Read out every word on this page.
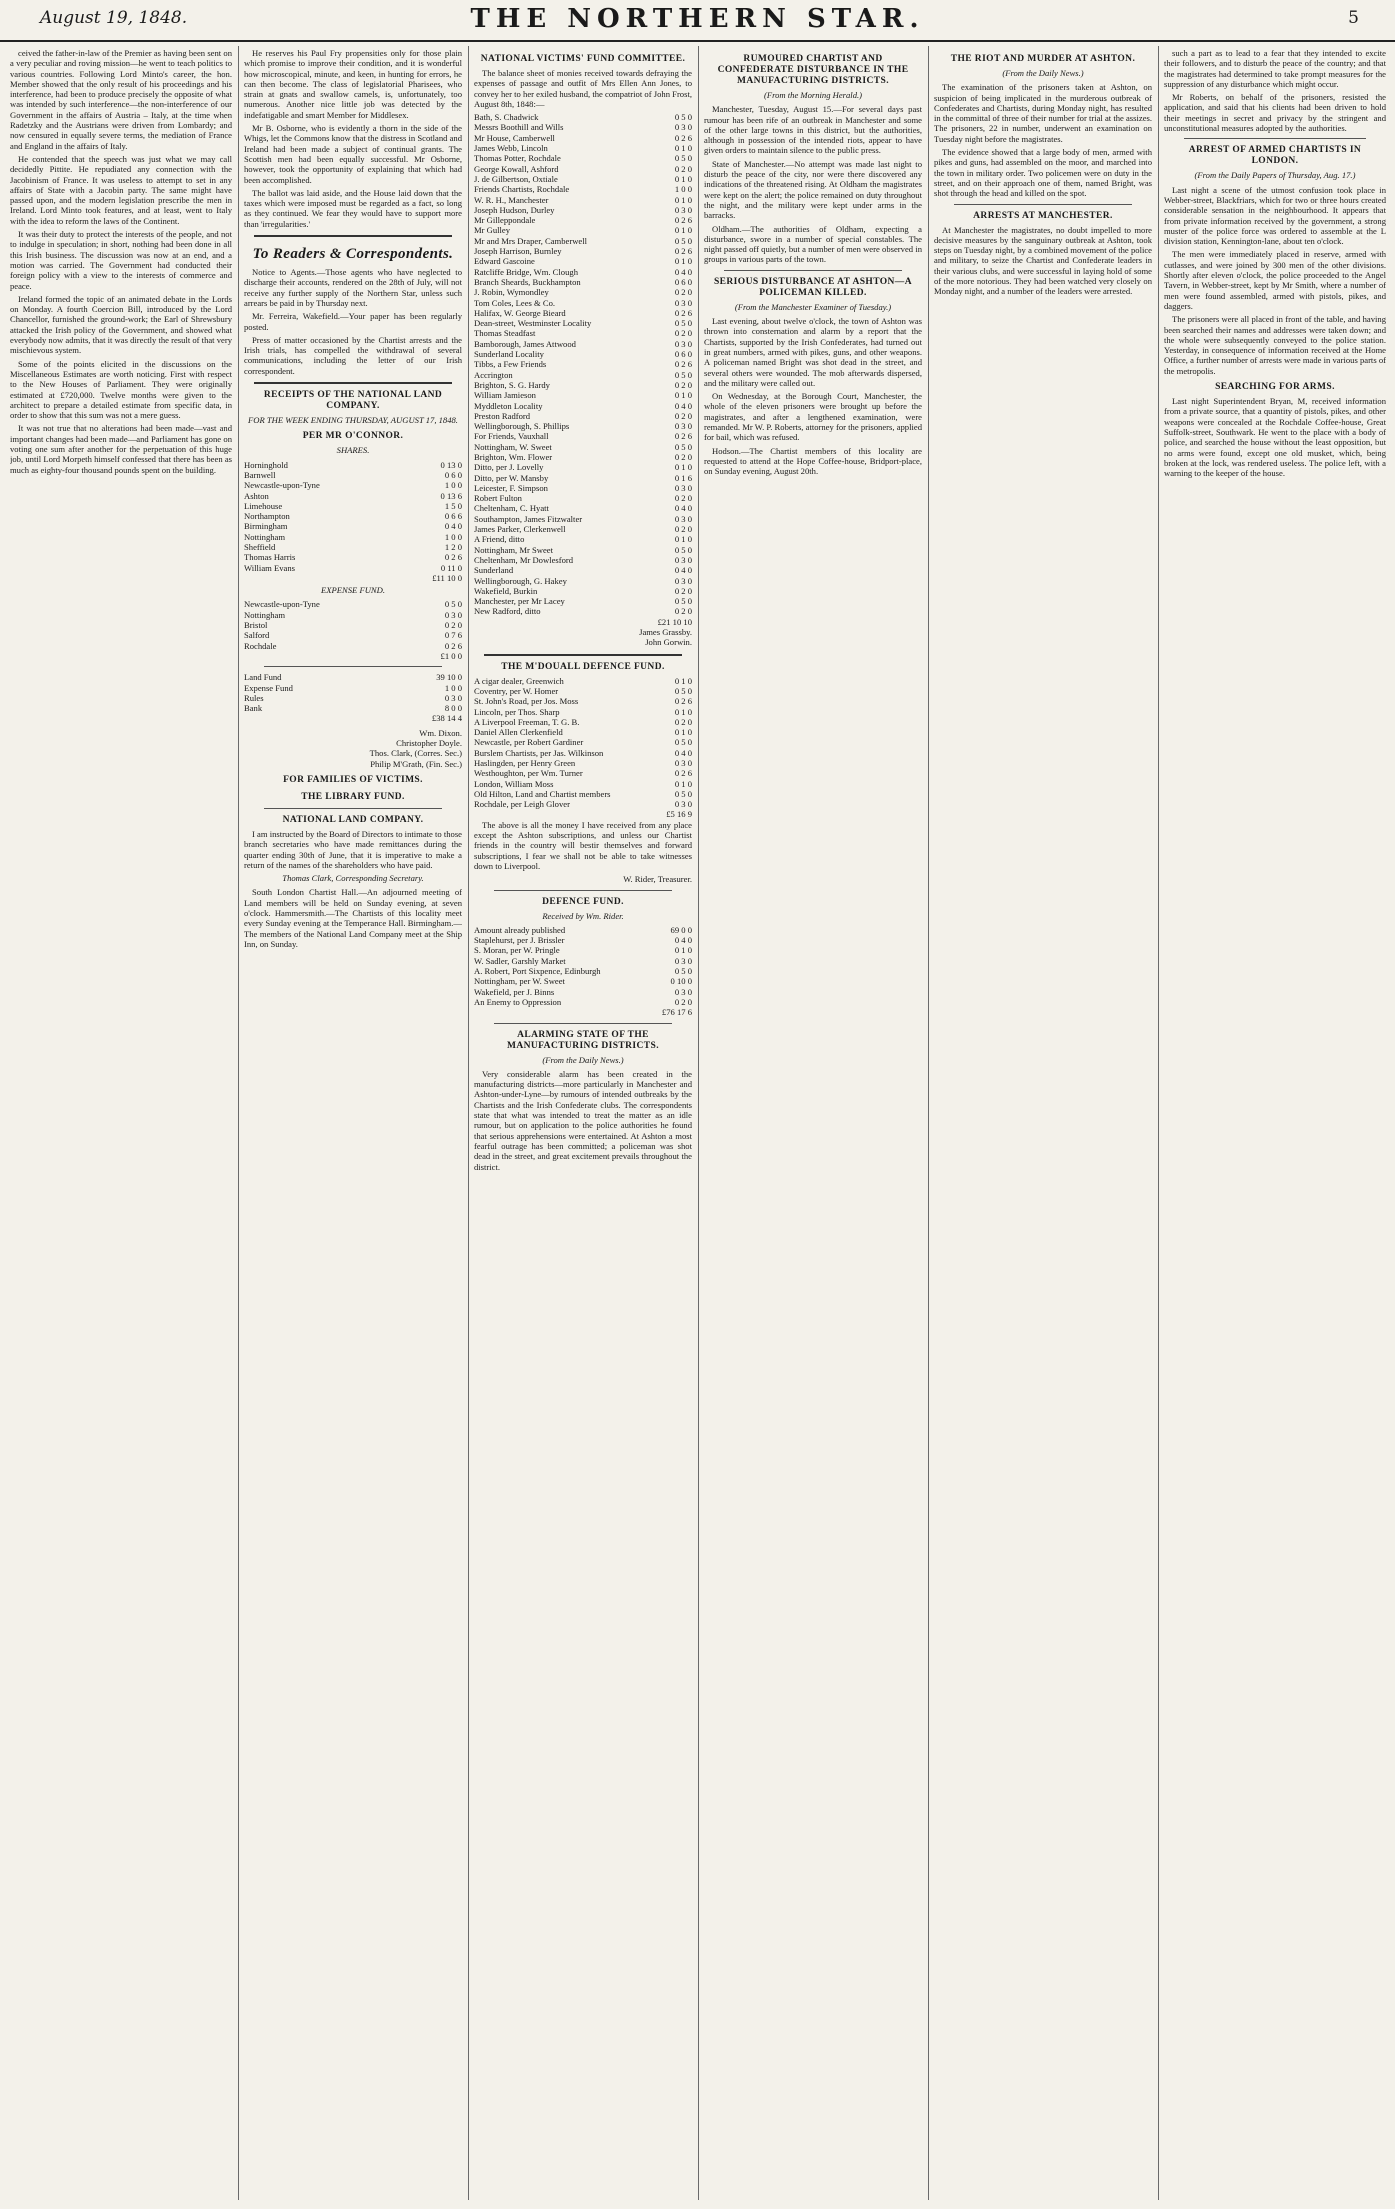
August 19, 1848.	THE NORTHERN STAR.	5

ceived the father-in-law of the Premier as having been sent on a very peculiar and roving mission—he went to teach politics to various countries. Following Lord Minto's career, the hon. Member showed that the only result of his proceedings and his interference, had been to produce precisely the opposite of what was intended by such interference—the non-interference of our Government in the affairs of Austria – Italy, at the time when Radetzky and the Austrians were driven from Lombardy; and now censured in equally severe terms, the mediation of France and England in the affairs of Italy.

He contended that the speech was just what we may call decidedly Pittite. He repudiated any connection with the Jacobinism of France. It was useless to attempt to set in any affairs of State with a Jacobin party. The same might have passed upon, and the modern legislation prescribe the men in Ireland. Lord Minto took features, and at least, went to Italy with the idea to reform the laws of the Continent.

It was their duty to protect the interests of the people, and not to indulge in speculation; in short, nothing had been done in all this Irish business. The discussion was now at an end, and a motion was carried. The Government had conducted their foreign policy with a view to the interests of commerce and peace.

Ireland formed the topic of an animated debate in the Lords on Monday. A fourth Coercion Bill, introduced by the Lord Chancellor, furnished the ground-work; the Earl of Shrewsbury attacked the Irish policy of the Government, and showed what everybody now admits, that it was directly the result of that very mischievous system.

Some of the points elicited in the discussions on the Miscellaneous Estimates are worth noticing. First with respect to the New Houses of Parliament. They were originally estimated at £720,000. Twelve months were given to the architect to prepare a detailed estimate from specific data, in order to show that this sum was not a mere guess.

It was not true that no alterations had been made—vast and important changes had been made—and Parliament has gone on voting one sum after another for the perpetuation of this huge job, until Lord Morpeth himself confessed that there has been as much as eighty-four thousand pounds spent on the building.

He reserves his Paul Fry propensities only for those plain which promise to improve their condition, and it is wonderful how microscopical, minute, and keen, in hunting for errors, he can then become. The class of legislatorial Pharisees, who strain at gnats and swallow camels, is, unfortunately, too numerous. Another nice little job was detected by the indefatigable and smart Member for Middlesex.

Mr B. Osborne, who is evidently a thorn in the side of the Whigs, let the Commons know that the distress in Scotland and Ireland had been made a subject of continual grants. The Scottish men had been equally successful. Mr Osborne, however, took the opportunity of explaining that which had been accomplished.

The ballot was laid aside, and the House laid down that the taxes which were imposed must be regarded as a fact, so long as they continued. We fear they would have to support more than 'irregularities.'

To Readers & Correspondents.

Notice to Agents.—Those agents who have neglected to discharge their accounts, rendered on the 28th of July, will not receive any further supply of the Northern Star, unless such arrears be paid in by Thursday next.

Mr. Ferreira, Wakefield.—Your paper has been regularly posted.

Press of matter occasioned by the Chartist arrests and the Irish trials, has compelled the withdrawal of several communications, including the letter of our Irish correspondent.

RECEIPTS OF THE NATIONAL LAND COMPANY.
FOR THE WEEK ENDING THURSDAY, AUGUST 17, 1848.
PER MR O'CONNOR.
SHARES.
Horninghold	0 13 0
Barnwell	0 6 0
Newcastle-upon-Tyne	1 0 0
Ashton	0 13 6
Limehouse	1 5 0
Northampton	0 6 6
Birmingham	0 4 0
Nottingham	1 0 0
Sheffield	1 2 0
Thomas Harris	0 2 6
William Evans	0 11 0
£11 10 0
EXPENSE FUND.
Newcastle-upon-Tyne	0 5 0
Nottingham	0 3 0
Bristol	0 2 0
Salford	0 7 6
Rochdale	0 2 6
£1 0 0
Land Fund	39 10 0
Expense Fund	1 0 0
Rules	0 3 0
Bank	8 0 0
£38 14 4
Wm. Dixon.
Christopher Doyle.
Thos. Clark, (Corres. Sec.)
Philip M'Grath, (Fin. Sec.)
FOR FAMILIES OF VICTIMS.
THE LIBRARY FUND.
NATIONAL LAND COMPANY.

I am instructed by the Board of Directors to intimate to those branch secretaries who have made remittances during the quarter ending 30th of June, that it is imperative to make a return of the names of the shareholders who have paid.

Thomas Clark, Corresponding Secretary.

South London Chartist Hall.—An adjourned meeting of Land members will be held on Sunday evening, at seven o'clock. Hammersmith.—The Chartists of this locality meet every Sunday evening at the Temperance Hall. Birmingham.—The members of the National Land Company meet at the Ship Inn, on Sunday.

NATIONAL VICTIMS' FUND COMMITTEE.

The balance sheet of monies received towards defraying the expenses of passage and outfit of Mrs Ellen Ann Jones, to convey her to her exiled husband, the compatriot of John Frost, August 8th, 1848:—

Bath, S. Chadwick	0 5 0
Messrs Boothill and Wills	0 3 0
Mr House, Camberwell	0 2 6
James Webb, Lincoln	0 1 0
Thomas Potter, Rochdale	0 5 0
George Kowall, Ashford	0 2 0
J. de Gilbertson, Oxtiale	0 1 0
Friends Chartists, Rochdale	1 0 0
W. R. H., Manchester	0 1 0
Joseph Hudson, Durley	0 3 0
Mr Gilleppondale	0 2 6
Mr Gulley	0 1 0
Mr and Mrs Draper, Camberwell	0 5 0
Joseph Harrison, Burnley	0 2 6
Edward Gascoine	0 1 0
Ratcliffe Bridge, Wm. Clough	0 4 0
Branch Sheards, Buckhampton	0 6 0
J. Robin, Wymondley	0 2 0
Tom Coles, Lees & Co.	0 3 0
Halifax, W. George Bieard	0 2 6
Dean-street, Westminster Locality	0 5 0
Thomas Steadfast	0 2 0
Bamborough, James Attwood	0 3 0
Sunderland Locality	0 6 0
Tibbs, a Few Friends	0 2 6
Accrington	0 5 0
Brighton, S. G. Hardy	0 2 0
William Jamieson	0 1 0
Myddleton Locality	0 4 0
Preston Radford	0 2 0
Wellingborough, S. Phillips	0 3 0
For Friends, Vauxhall	0 2 6
Nottingham, W. Sweet	0 5 0
Brighton, Wm. Flower	0 2 0
Ditto, per J. Lovelly	0 1 0
Ditto, per W. Mansby	0 1 6
Leicester, F. Simpson	0 3 0
Robert Fulton	0 2 0
Cheltenham, C. Hyatt	0 4 0
Southampton, James Fitzwalter	0 3 0
James Parker, Clerkenwell	0 2 0
A Friend, ditto	0 1 0
Nottingham, Mr Sweet	0 5 0
Cheltenham, Mr Dowlesford	0 3 0
Sunderland	0 4 0
Wellingborough, G. Hakey	0 3 0
Wakefield, Burkin	0 2 0
Manchester, per Mr Lacey	0 5 0
New Radford, ditto	0 2 0
£21 10 10
James Grassby.
John Gorwin.
THE M'DOUALL DEFENCE FUND.
A cigar dealer, Greenwich	0 1 0
Coventry, per W. Homer	0 5 0
St. John's Road, per Jos. Moss	0 2 6
Lincoln, per Thos. Sharp	0 1 0
A Liverpool Freeman, T. G. B.	0 2 0
Daniel Allen Clerkenfield	0 1 0
Newcastle, per Robert Gardiner	0 5 0
Burslem Chartists, per Jas. Wilkinson	0 4 0
Haslingden, per Henry Green	0 3 0
Westhoughton, per Wm. Turner	0 2 6
London, William Moss	0 1 0
Old Hilton, Land and Chartist members	0 5 0
Rochdale, per Leigh Glover	0 3 0
£5 16 9

The above is all the money I have received from any place except the Ashton subscriptions, and unless our Chartist friends in the country will bestir themselves and forward subscriptions, I fear we shall not be able to take witnesses down to Liverpool.

W. Rider, Treasurer.
DEFENCE FUND.
Received by Wm. Rider.
Amount already published	69 0 0
Staplehurst, per J. Brissler	0 4 0
S. Moran, per W. Pringle	0 1 0
W. Sadler, Garshly Market	0 3 0
A. Robert, Port Sixpence, Edinburgh	0 5 0
Nottingham, per W. Sweet	0 10 0
Wakefield, per J. Binns	0 3 0
An Enemy to Oppression	0 2 0
£76 17 6
ALARMING STATE OF THE MANUFACTURING DISTRICTS.
(From the Daily News.)

Very considerable alarm has been created in the manufacturing districts—more particularly in Manchester and Ashton-under-Lyne—by rumours of intended outbreaks by the Chartists and the Irish Confederate clubs. The correspondents state that what was intended to treat the matter as an idle rumour, but on application to the police authorities he found that serious apprehensions were entertained. At Ashton a most fearful outrage has been committed; a policeman was shot dead in the street, and great excitement prevails throughout the district.

RUMOURED CHARTIST AND CONFEDERATE DISTURBANCE IN THE MANUFACTURING DISTRICTS.
(From the Morning Herald.)

Manchester, Tuesday, August 15.—For several days past rumour has been rife of an outbreak in Manchester and some of the other large towns in this district, but the authorities, although in possession of the intended riots, appear to have given orders to maintain silence to the public press.

State of Manchester.—No attempt was made last night to disturb the peace of the city, nor were there discovered any indications of the threatened rising. At Oldham the magistrates were kept on the alert; the police remained on duty throughout the night, and the military were kept under arms in the barracks.

Oldham.—The authorities of Oldham, expecting a disturbance, swore in a number of special constables. The night passed off quietly, but a number of men were observed in groups in various parts of the town.

SERIOUS DISTURBANCE AT ASHTON—A POLICEMAN KILLED.
(From the Manchester Examiner of Tuesday.)

Last evening, about twelve o'clock, the town of Ashton was thrown into consternation and alarm by a report that the Chartists, supported by the Irish Confederates, had turned out in great numbers, armed with pikes, guns, and other weapons. A policeman named Bright was shot dead in the street, and several others were wounded. The mob afterwards dispersed, and the military were called out.

On Wednesday, at the Borough Court, Manchester, the whole of the eleven prisoners were brought up before the magistrates, and after a lengthened examination, were remanded. Mr W. P. Roberts, attorney for the prisoners, applied for bail, which was refused.

Hodson.—The Chartist members of this locality are requested to attend at the Hope Coffee-house, Bridport-place, on Sunday evening, August 20th.

THE RIOT AND MURDER AT ASHTON.
(From the Daily News.)

The examination of the prisoners taken at Ashton, on suspicion of being implicated in the murderous outbreak of Confederates and Chartists, during Monday night, has resulted in the committal of three of their number for trial at the assizes. The prisoners, 22 in number, underwent an examination on Tuesday night before the magistrates.

The evidence showed that a large body of men, armed with pikes and guns, had assembled on the moor, and marched into the town in military order. Two policemen were on duty in the street, and on their approach one of them, named Bright, was shot through the head and killed on the spot.

ARRESTS AT MANCHESTER.

At Manchester the magistrates, no doubt impelled to more decisive measures by the sanguinary outbreak at Ashton, took steps on Tuesday night, by a combined movement of the police and military, to seize the Chartist and Confederate leaders in their various clubs, and were successful in laying hold of some of the more notorious. They had been watched very closely on Monday night, and a number of the leaders were arrested.

such a part as to lead to a fear that they intended to excite their followers, and to disturb the peace of the country; and that the magistrates had determined to take prompt measures for the suppression of any disturbance which might occur.

Mr Roberts, on behalf of the prisoners, resisted the application, and said that his clients had been driven to hold their meetings in secret and privacy by the stringent and unconstitutional measures adopted by the authorities.

ARREST OF ARMED CHARTISTS IN LONDON.
(From the Daily Papers of Thursday, Aug. 17.)

Last night a scene of the utmost confusion took place in Webber-street, Blackfriars, which for two or three hours created considerable sensation in the neighbourhood. It appears that from private information received by the government, a strong muster of the police force was ordered to assemble at the L division station, Kennington-lane, about ten o'clock.

The men were immediately placed in reserve, armed with cutlasses, and were joined by 300 men of the other divisions. Shortly after eleven o'clock, the police proceeded to the Angel Tavern, in Webber-street, kept by Mr Smith, where a number of men were found assembled, armed with pistols, pikes, and daggers.

The prisoners were all placed in front of the table, and having been searched their names and addresses were taken down; and the whole were subsequently conveyed to the police station. Yesterday, in consequence of information received at the Home Office, a further number of arrests were made in various parts of the metropolis.

SEARCHING FOR ARMS.

Last night Superintendent Bryan, M, received information from a private source, that a quantity of pistols, pikes, and other weapons were concealed at the Rochdale Coffee-house, Great Suffolk-street, Southwark. He went to the place with a body of police, and searched the house without the least opposition, but no arms were found, except one old musket, which, being broken at the lock, was rendered useless. The police left, with a warning to the keeper of the house.
